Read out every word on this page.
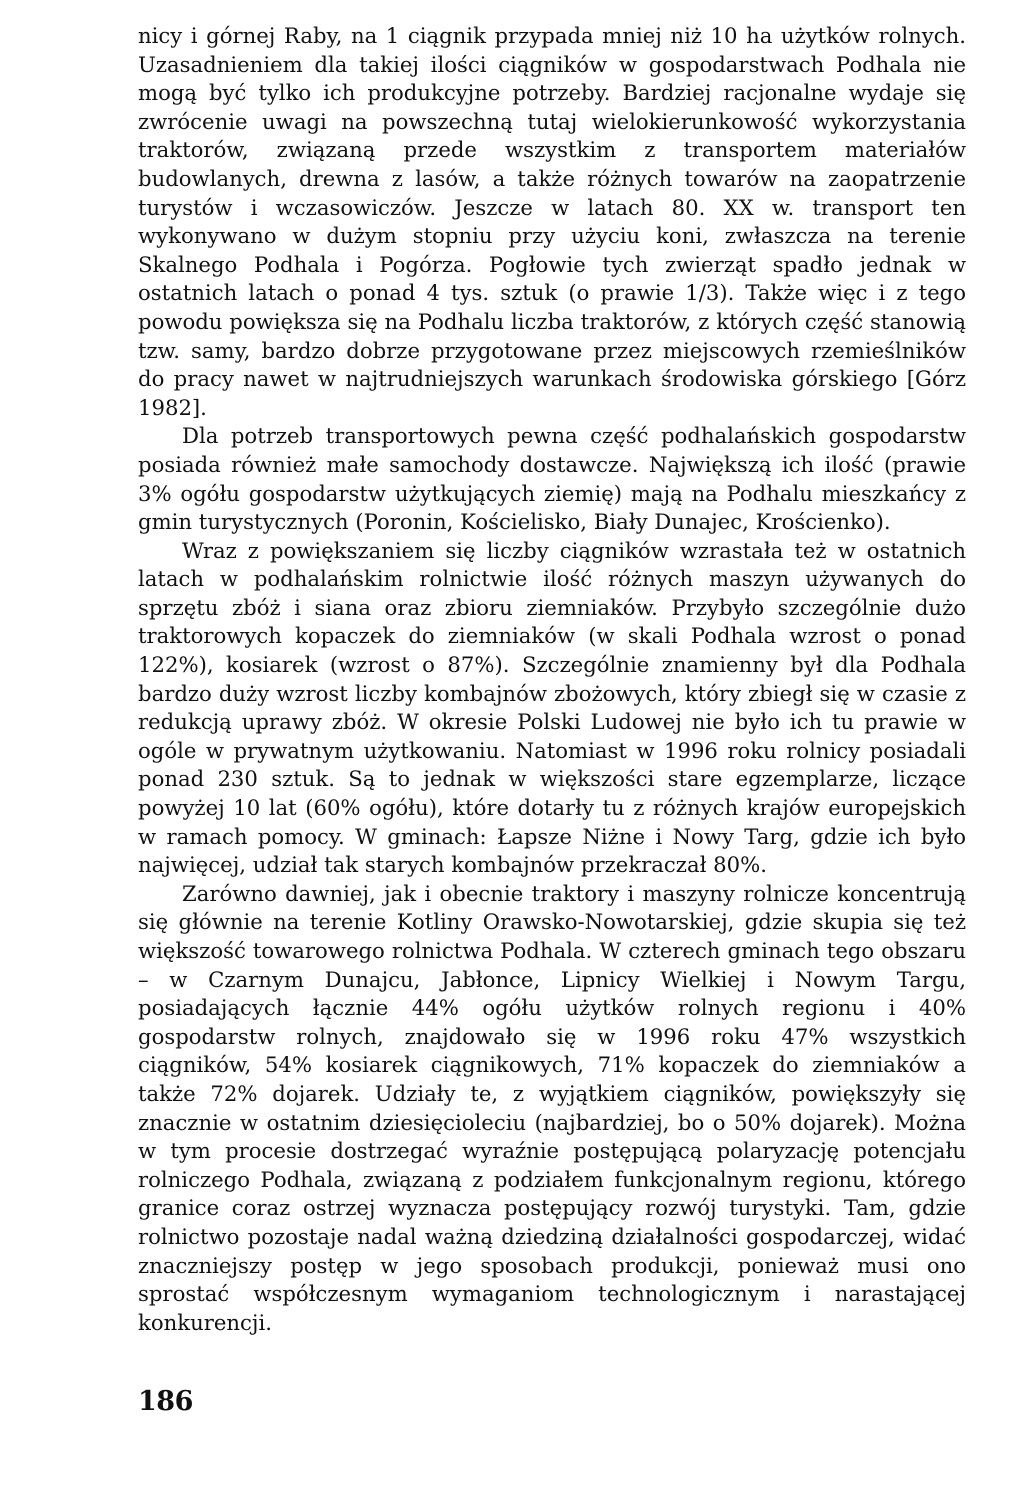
nicy i górnej Raby, na 1 ciągnik przypada mniej niż 10 ha użytków rolnych. Uzasadnieniem dla takiej ilości ciągników w gospodarstwach Podhala nie mogą być tylko ich produkcyjne potrzeby. Bardziej racjonalne wydaje się zwrócenie uwagi na powszechną tutaj wielokierunkowość wykorzystania traktorów, związaną przede wszystkim z transportem materiałów budowlanych, drewna z lasów, a także różnych towarów na zaopatrzenie turystów i wczasowiczów. Jeszcze w latach 80. XX w. transport ten wykonywano w dużym stopniu przy użyciu koni, zwłaszcza na terenie Skalnego Podhala i Pogórza. Pogłowie tych zwierząt spadło jednak w ostatnich latach o ponad 4 tys. sztuk (o prawie 1/3). Także więc i z tego powodu powiększa się na Podhalu liczba traktorów, z których część stanowią tzw. samy, bardzo dobrze przygotowane przez miejscowych rzemieślników do pracy nawet w najtrudniejszych warunkach środowiska górskiego [Górz 1982].

Dla potrzeb transportowych pewna część podhalańskich gospodarstw posiada również małe samochody dostawcze. Największą ich ilość (prawie 3% ogółu gospodarstw użytkujących ziemię) mają na Podhalu mieszkańcy z gmin turystycznych (Poronin, Kościelisko, Biały Dunajec, Krościenko).

Wraz z powiększaniem się liczby ciągników wzrastała też w ostatnich latach w podhalańskim rolnictwie ilość różnych maszyn używanych do sprzętu zbóż i siana oraz zbioru ziemniaków. Przybyło szczególnie dużo traktorowych kopaczek do ziemniaków (w skali Podhala wzrost o ponad 122%), kosiarek (wzrost o 87%). Szczególnie znamienny był dla Podhala bardzo duży wzrost liczby kombajnów zbożowych, który zbiegł się w czasie z redukcją uprawy zbóż. W okresie Polski Ludowej nie było ich tu prawie w ogóle w prywatnym użytkowaniu. Natomiast w 1996 roku rolnicy posiadali ponad 230 sztuk. Są to jednak w większości stare egzemplarze, liczące powyżej 10 lat (60% ogółu), które dotarły tu z różnych krajów europejskich w ramach pomocy. W gminach: Łapsze Niżne i Nowy Targ, gdzie ich było najwięcej, udział tak starych kombajnów przekraczał 80%.

Zarówno dawniej, jak i obecnie traktory i maszyny rolnicze koncentrują się głównie na terenie Kotliny Orawsko-Nowotarskiej, gdzie skupia się też większość towarowego rolnictwa Podhala. W czterech gminach tego obszaru – w Czarnym Dunajcu, Jabłonce, Lipnicy Wielkiej i Nowym Targu, posiadających łącznie 44% ogółu użytków rolnych regionu i 40% gospodarstw rolnych, znajdowało się w 1996 roku 47% wszystkich ciągników, 54% kosiarek ciągnikowych, 71% kopaczek do ziemniaków a także 72% dojarek. Udziały te, z wyjątkiem ciągników, powiększyły się znacznie w ostatnim dziesięcioleciu (najbardziej, bo o 50% dojarek). Można w tym procesie dostrzegać wyraźnie postępującą polaryzację potencjału rolniczego Podhala, związaną z podziałem funkcjonalnym regionu, którego granice coraz ostrzej wyznacza postępujący rozwój turystyki. Tam, gdzie rolnictwo pozostaje nadal ważną dziedziną działalności gospodarczej, widać znaczniejszy postęp w jego sposobach produkcji, ponieważ musi ono sprostać współczesnym wymaganiom technologicznym i narastającej konkurencji.

186
